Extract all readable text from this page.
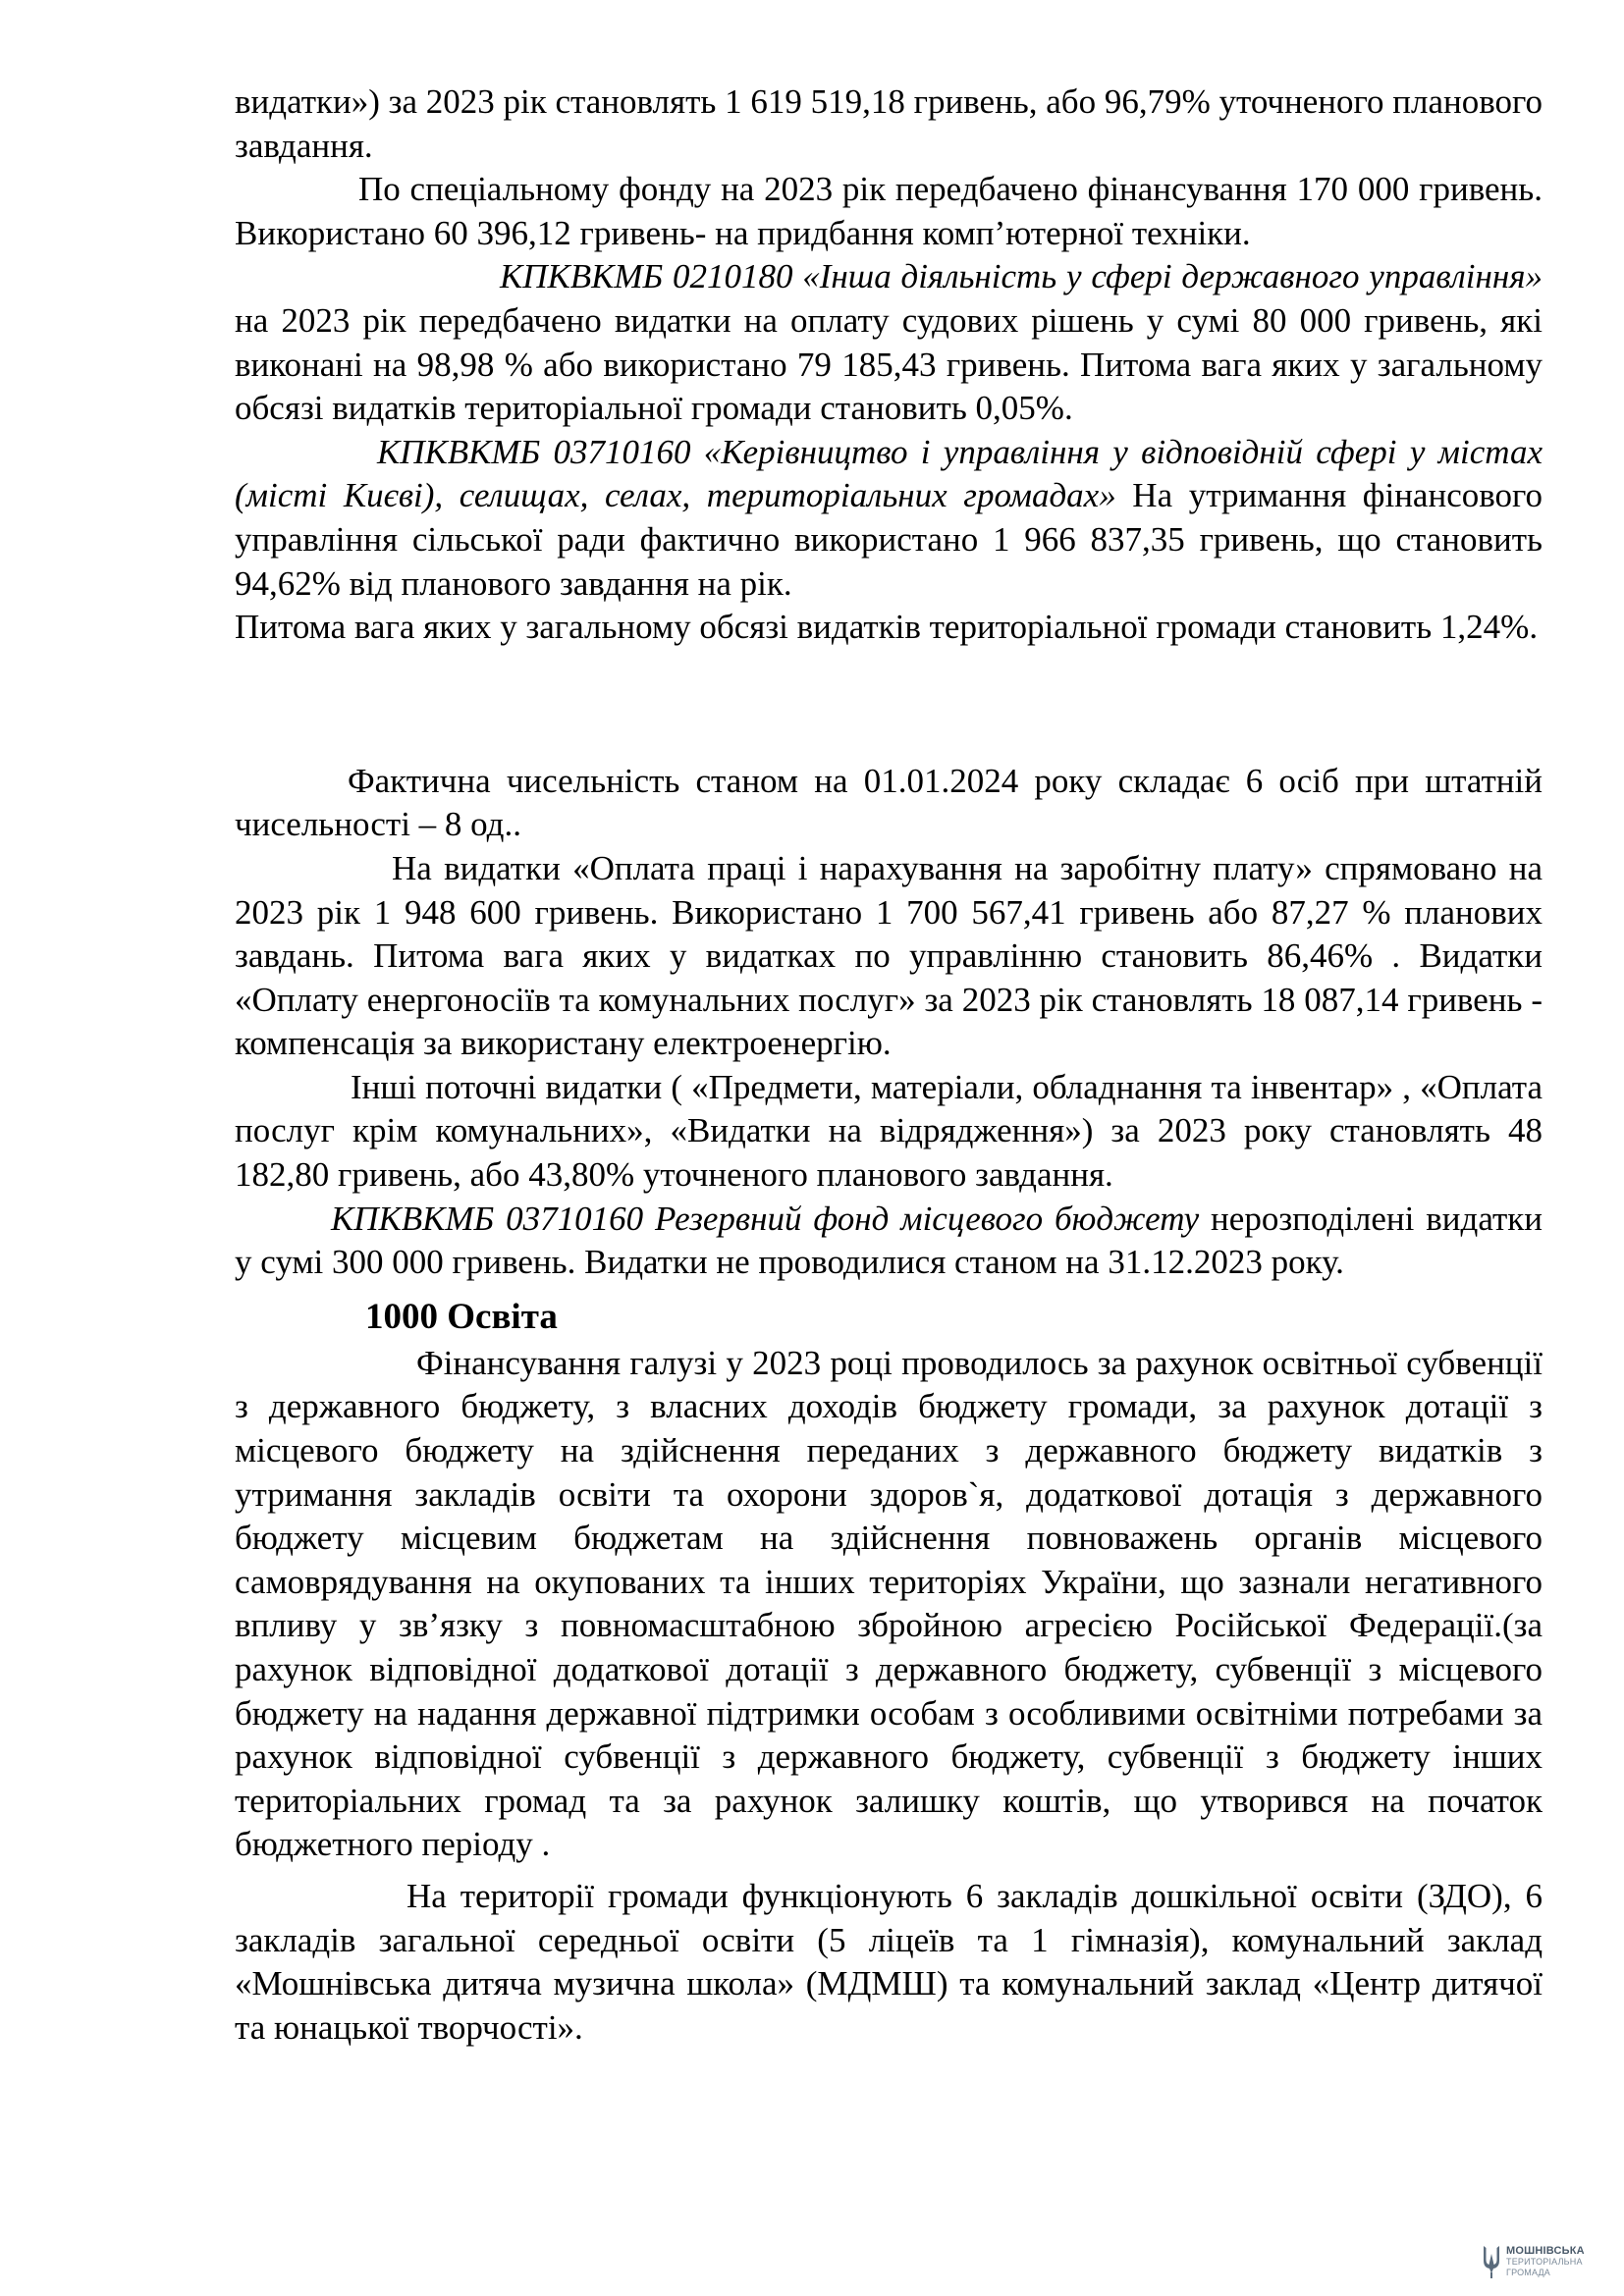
видатки») за 2023 рік становлять 1 619 519,18 гривень, або 96,79% уточненого планового завдання.

По спеціальному фонду на 2023 рік передбачено фінансування 170 000 гривень. Використано 60 396,12 гривень- на придбання комп’ютерної техніки.

КПКВКМБ 0210180 «Інша діяльність у сфері державного управління» на 2023 рік передбачено видатки на оплату судових рішень у сумі 80 000 гривень, які виконані на 98,98 % або використано 79 185,43 гривень. Питома вага яких у загальному обсязі видатків територіальної громади становить 0,05%.

КПКВКМБ 03710160 «Керівництво і управління у відповідній сфері у містах (місті Києві), селищах, селах, територіальних громадах» На утримання фінансового управління сільської ради фактично використано 1 966 837,35 гривень, що становить 94,62% від планового завдання на рік.

Питома вага яких у загальному обсязі видатків територіальної громади становить 1,24%.

Фактична чисельність станом на 01.01.2024 року складає 6 осіб при штатній чисельності – 8 од..

На видатки «Оплата праці і нарахування на заробітну плату» спрямовано на 2023 рік 1 948 600 гривень. Використано 1 700 567,41 гривень або 87,27 % планових завдань. Питома вага яких у видатках по управлінню становить 86,46% . Видатки «Оплату енергоносіїв та комунальних послуг» за 2023 рік становлять 18 087,14 гривень - компенсація за використану електроенергію.

Інші поточні видатки ( «Предмети, матеріали, обладнання та інвентар» , «Оплата послуг крім комунальних», «Видатки на відрядження») за 2023 року становлять 48 182,80 гривень, або 43,80% уточненого планового завдання.

КПКВКМБ 03710160 Резервний фонд місцевого бюджету нерозподілені видатки у сумі 300 000 гривень. Видатки не проводилися станом на 31.12.2023 року.

1000 Освіта

Фінансування галузі у 2023 році проводилось за рахунок освітньої субвенції з державного бюджету, з власних доходів бюджету громади, за рахунок дотації з місцевого бюджету на здійснення переданих з державного бюджету видатків з утримання закладів освіти та охорони здоров`я, додаткової дотація з державного бюджету місцевим бюджетам на здійснення повноважень органів місцевого самоврядування на окупованих та інших територіях України, що зазнали негативного впливу у зв’язку з повномасштабною збройною агресією Російської Федерації.(за рахунок відповідної додаткової дотації з державного бюджету, субвенції з місцевого бюджету на надання державної підтримки особам з особливими освітніми потребами за рахунок відповідної субвенції з державного бюджету, субвенції з бюджету інших територіальних громад та за рахунок залишку коштів, що утворився на початок бюджетного періоду .

На території громади функціонують 6 закладів дошкільної освіти (ЗДО), 6 закладів загальної середньої освіти (5 ліцеїв та 1 гімназія), комунальний заклад «Мошнівська дитяча музична школа» (МДМШ) та комунальний заклад «Центр дитячої та юнацької творчості».

МОШНІВСЬКА
ТЕРИТОРІАЛЬНА
ГРОМАДА
